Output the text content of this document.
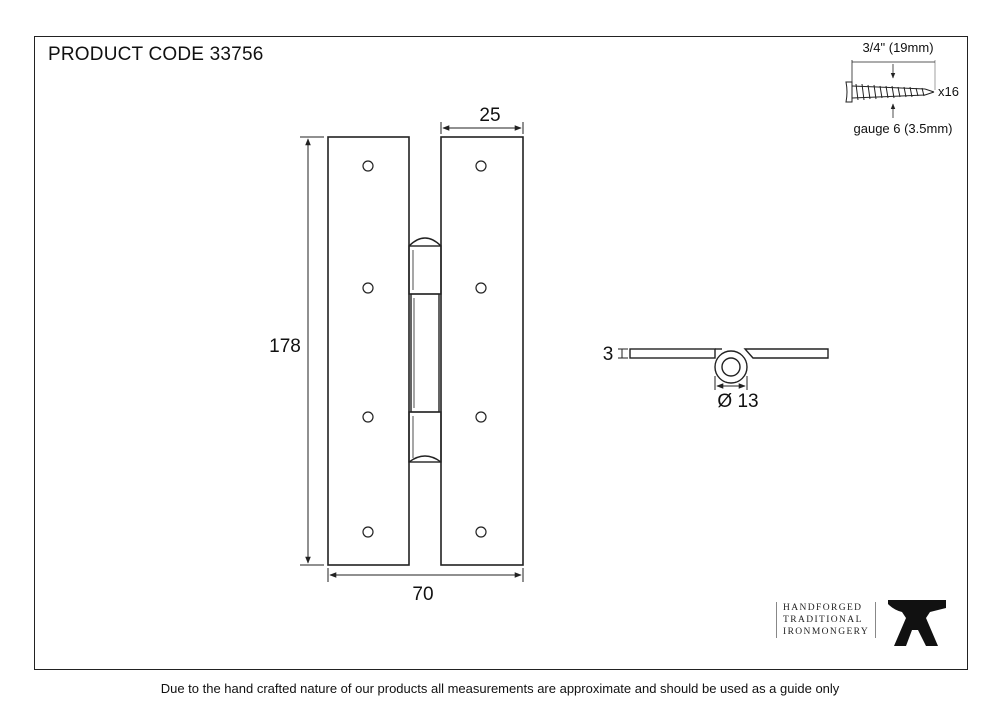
PRODUCT CODE 33756
25
178
70
3
Ø 13
3/4" (19mm)
x16
gauge 6 (3.5mm)
HANDFORGED
TRADITIONAL
IRONMONGERY
Due to the hand crafted nature of our products all measurements are approximate and should be used as a guide only
